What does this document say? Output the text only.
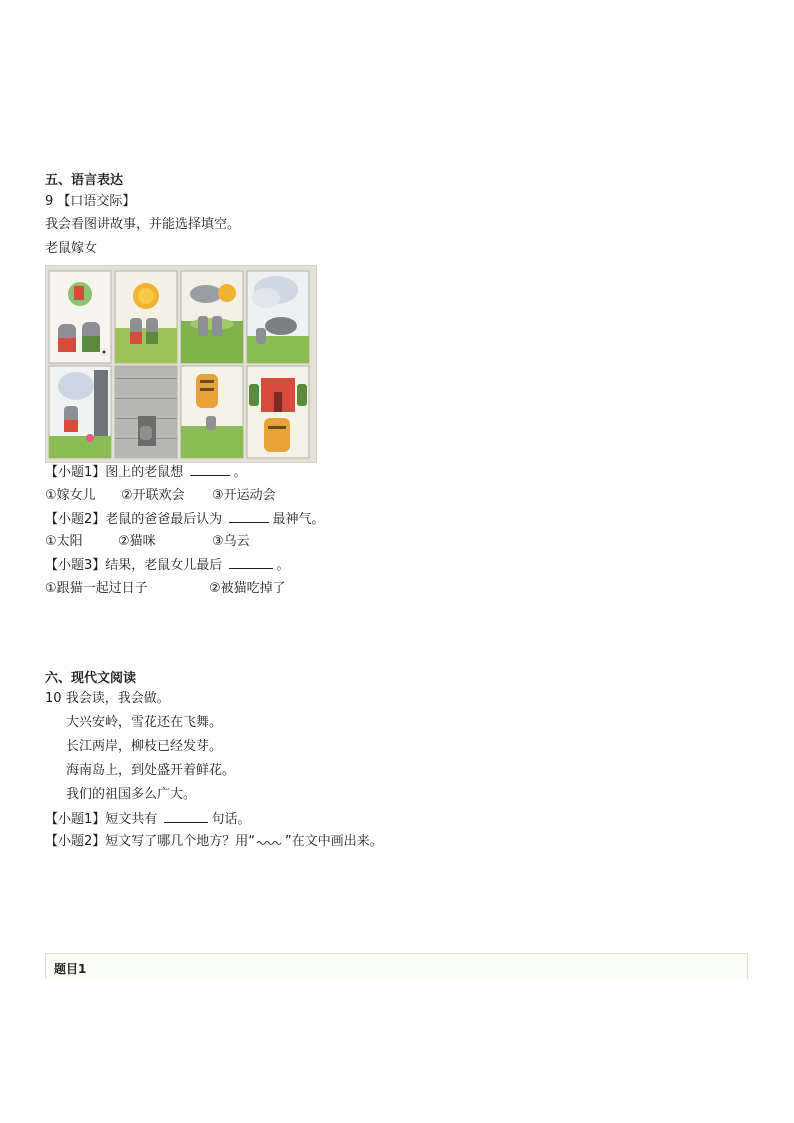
五、语言表达
9 【口语交际】
我会看图讲故事，并能选择填空。
老鼠嫁女
【小题1】图上的老鼠想	。
①嫁女儿 ②开联欢会 ③开运动会
【小题2】老鼠的爸爸最后认为	最神气。
①太阳	②猫咪	③乌云
【小题3】结果，老鼠女儿最后	。
①跟猫一起过日子	②被猫吃掉了
六、现代文阅读
10 我会读，我会做。
大兴安岭，雪花还在飞舞。
长江两岸，柳枝已经发芽。
海南岛上，到处盛开着鲜花。
我们的祖国多么广大。
【小题1】短文共有	句话。
【小题2】短文写了哪几个地方？用“ ”在文中画出来。
题目1
